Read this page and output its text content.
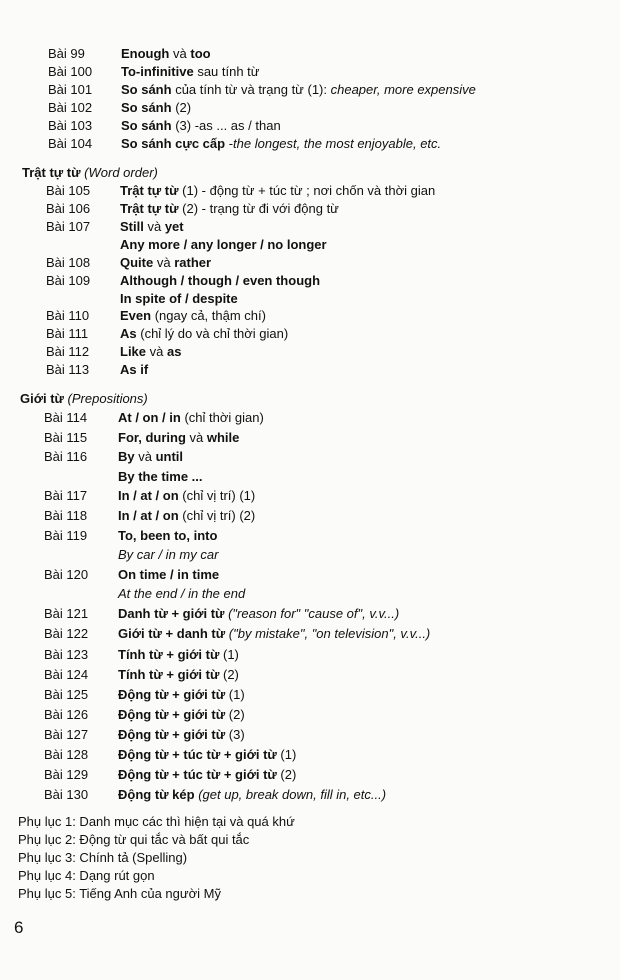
Bài 99	Enough và too
Bài 100 To-infinitive sau tính từ
Bài 101 So sánh của tính từ và trạng từ (1): cheaper, more expensive
Bài 102 So sánh (2)
Bài 103 So sánh (3) -as ... as / than
Bài 104 So sánh cực cấp -the longest, the most enjoyable, etc.
Trật tự từ (Word order)
Bài 105 Trật tự từ (1) - động từ + túc từ ; nơi chốn và thời gian
Bài 106 Trật tự từ (2) - trạng từ đi với động từ
Bài 107 Still và yet
Any more / any longer / no longer
Bài 108 Quite và rather
Bài 109 Although / though / even though
In spite of / despite
Bài 110 Even (ngay cả, thậm chí)
Bài 111 As (chỉ lý do và chỉ thời gian)
Bài 112 Like và as
Bài 113 As if
Giới từ (Prepositions)
Bài 114 At / on / in (chỉ thời gian)
Bài 115 For, during và while
Bài 116 By và until
By the time ...
Bài 117 In / at / on (chỉ vị trí) (1)
Bài 118 In / at / on (chỉ vị trí) (2)
Bài 119 To, been to, into
By car / in my car
Bài 120 On time / in time
At the end / in the end
Bài 121 Danh từ + giới từ ("reason for" "cause of", v.v...)
Bài 122 Giới từ + danh từ ("by mistake", "on television", v.v...)
Bài 123 Tính từ + giới từ (1)
Bài 124 Tính từ + giới từ (2)
Bài 125 Động từ + giới từ (1)
Bài 126 Động từ + giới từ (2)
Bài 127 Động từ + giới từ (3)
Bài 128 Động từ + túc từ + giới từ (1)
Bài 129 Động từ + túc từ + giới từ (2)
Bài 130 Động từ kép (get up, break down, fill in, etc...)
Phụ lục 1: Danh mục các thì hiện tại và quá khứ
Phụ lục 2: Động từ qui tắc và bất qui tắc
Phụ lục 3: Chính tả (Spelling)
Phụ lục 4: Dạng rút gọn
Phụ lục 5: Tiếng Anh của người Mỹ
6
